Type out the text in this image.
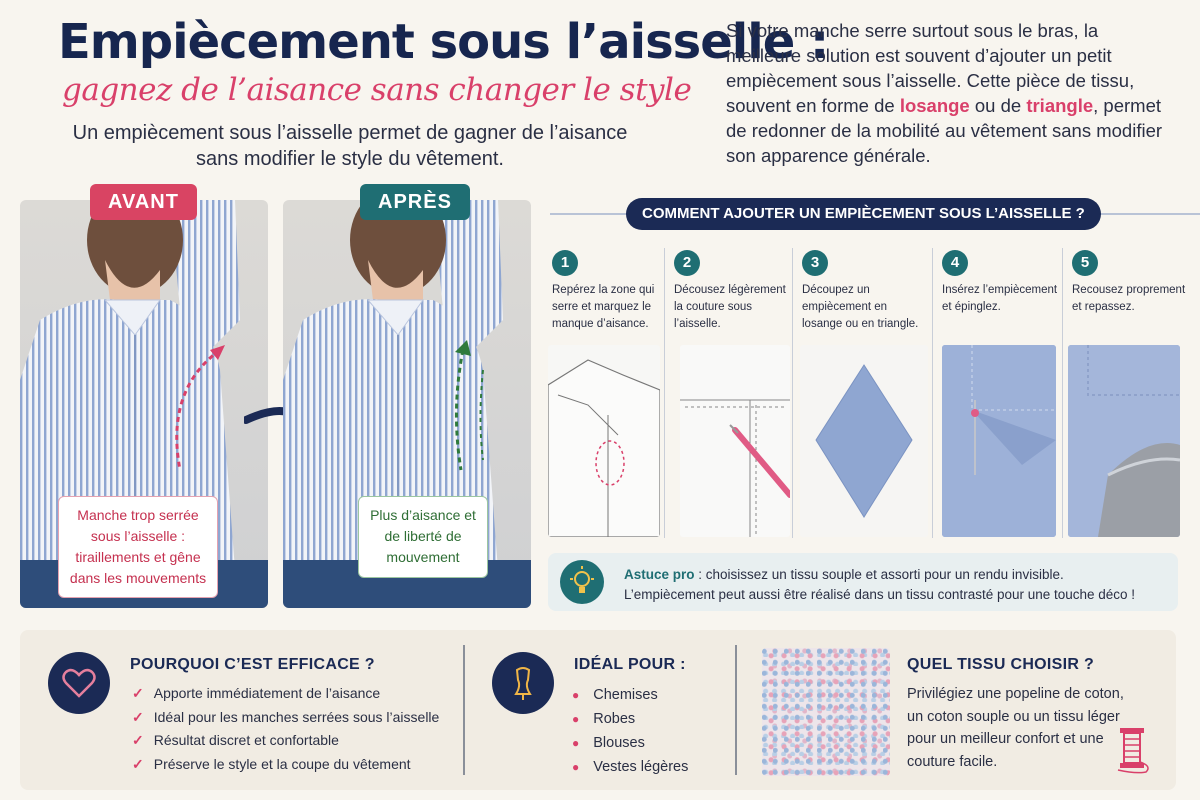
Empiècement sous l’aisselle :
gagnez de l’aisance sans changer le style
Un empiècement sous l’aisselle permet de gagner de l’aisance sans modifier le style du vêtement.
Si votre manche serre surtout sous le bras, la meilleure solution est souvent d’ajouter un petit empiècement sous l’aisselle. Cette pièce de tissu, souvent en forme de losange ou de triangle, permet de redonner de la mobilité au vêtement sans modifier son apparence générale.
AVANT
Manche trop serrée sous l’aisselle : tiraillements et gêne dans les mouvements
APRÈS
Plus d’aisance et de liberté de mouvement
COMMENT AJOUTER UN EMPIÈCEMENT SOUS L’AISSELLE ?
1
Repérez la zone qui serre et marquez le manque d’aisance.
2
Décousez légèrement la couture sous l’aisselle.
3
Découpez un empiècement en losange ou en triangle.
4
Insérez l’empiècement et épinglez.
5
Recousez proprement et repassez.
Astuce pro : choisissez un tissu souple et assorti pour un rendu invisible.
L’empiècement peut aussi être réalisé dans un tissu contrasté pour une touche déco !
POURQUOI C’EST EFFICACE ?
✓ Apporte immédiatement de l’aisance
✓ Idéal pour les manches serrées sous l’aisselle
✓ Résultat discret et confortable
✓ Préserve le style et la coupe du vêtement
IDÉAL POUR :
● Chemises
● Robes
● Blouses
● Vestes légères
QUEL TISSU CHOISIR ?
Privilégiez une popeline de coton, un coton souple ou un tissu léger pour un meilleur confort et une couture facile.
